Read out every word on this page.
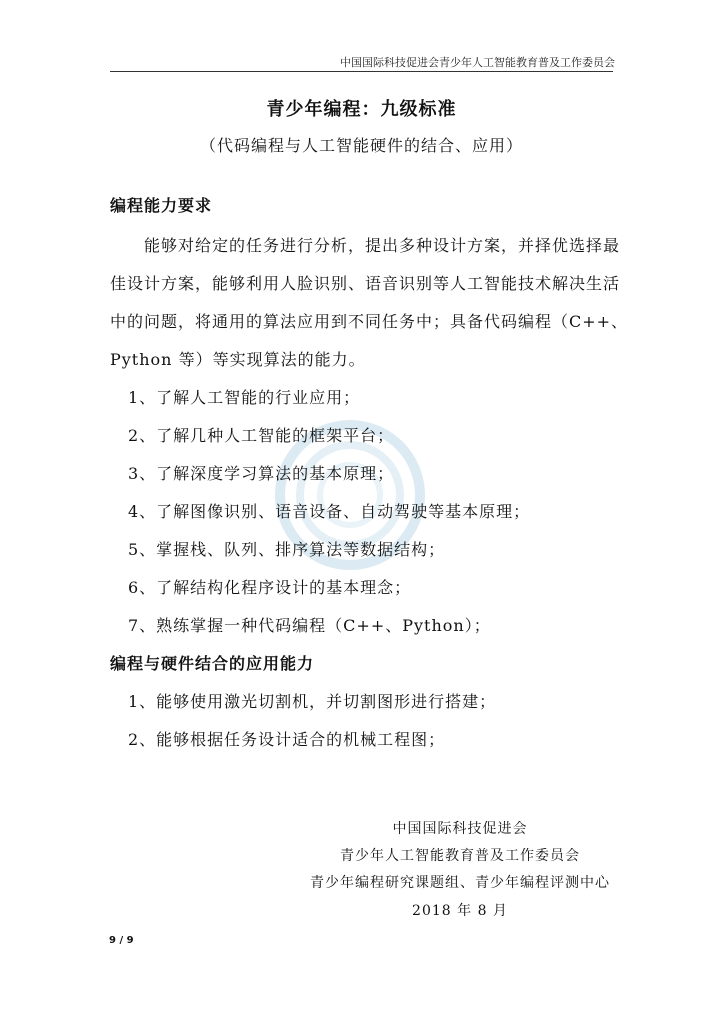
中国国际科技促进会青少年人工智能教育普及工作委员会
青少年编程：九级标准
（代码编程与人工智能硬件的结合、应用）
编程能力要求
　　能够对给定的任务进行分析，提出多种设计方案，并择优选择最
佳设计方案，能够利用人脸识别、语音识别等人工智能技术解决生活
中的问题，将通用的算法应用到不同任务中；具备代码编程（C++、
Python 等）等实现算法的能力。
1、了解人工智能的行业应用；
2、了解几种人工智能的框架平台；
3、了解深度学习算法的基本原理；
4、了解图像识别、语音设备、自动驾驶等基本原理；
5、掌握栈、队列、排序算法等数据结构；
6、了解结构化程序设计的基本理念；
7、熟练掌握一种代码编程（C++、Python）；
编程与硬件结合的应用能力
1、能够使用激光切割机，并切割图形进行搭建；
2、能够根据任务设计适合的机械工程图；
中国国际科技促进会
青少年人工智能教育普及工作委员会
青少年编程研究课题组、青少年编程评测中心
2018 年 8 月
9 / 9
